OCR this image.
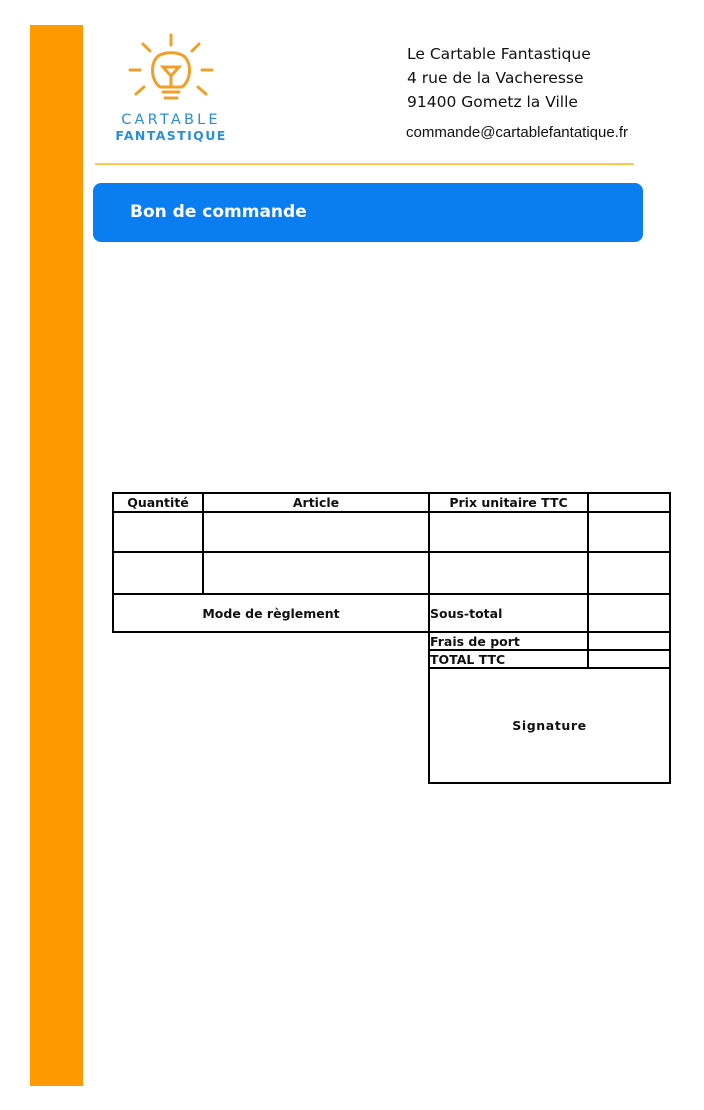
CARTABLE
FANTASTIQUE
Le Cartable Fantastique
4 rue de la Vacheresse
91400 Gometz la Ville
commande@cartablefantatique.fr
Bon de commande
Quantité	Article	Prix unitaire TTC	

Mode de règlement		Sous-total	
		Frais de port	
		TOTAL TTC	
		Signature	
